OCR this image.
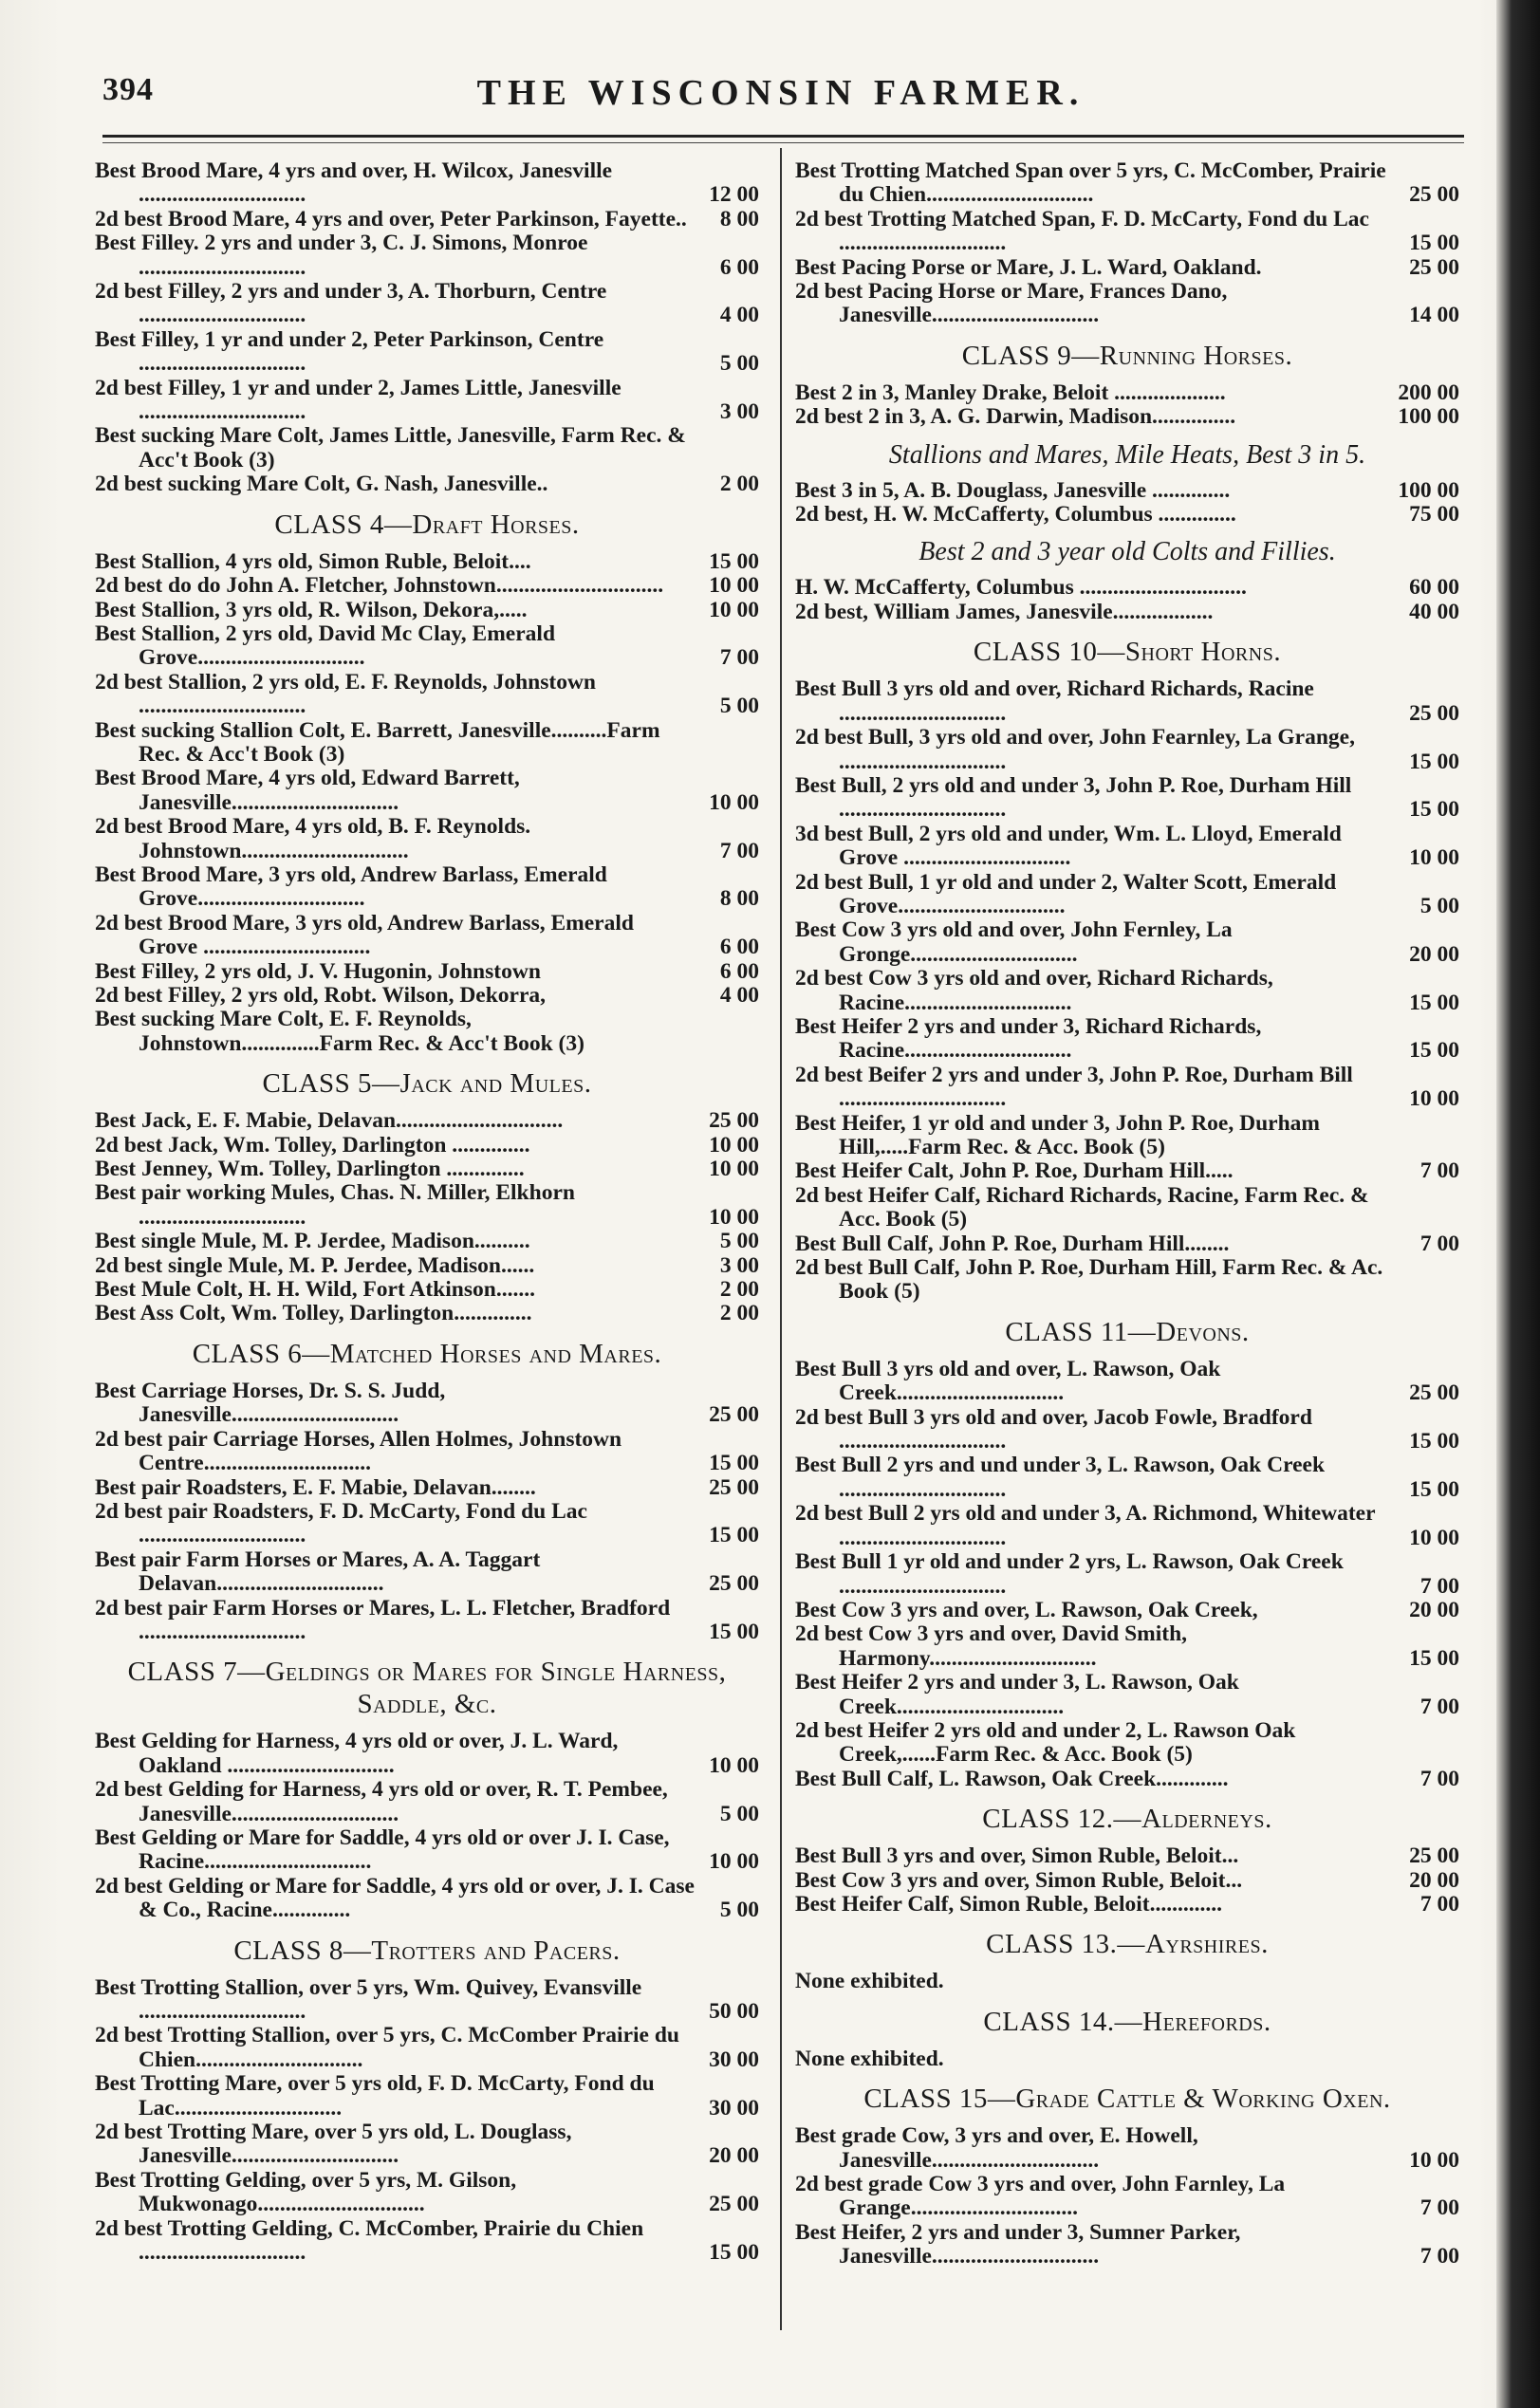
394	THE WISCONSIN FARMER.
Best Brood Mare, 4 yrs and over, H. Wilcox, Janesville ..............................	12 00
2d best Brood Mare, 4 yrs and over, Peter Parkinson, Fayette..	8 00
Best Filley. 2 yrs and under 3, C. J. Simons, Monroe ..............................	6 00
2d best Filley, 2 yrs and under 3, A. Thorburn, Centre ..............................	4 00
Best Filley, 1 yr and under 2, Peter Parkinson, Centre ..............................	5 00
2d best Filley, 1 yr and under 2, James Little, Janesville ..............................	3 00
Best sucking Mare Colt, James Little, Janesville, Farm Rec. & Acc't Book (3)
2d best sucking Mare Colt, G. Nash, Janesville..	2 00
CLASS 4—Draft Horses.
Best Stallion, 4 yrs old, Simon Ruble, Beloit....	15 00
2d best do do John A. Fletcher, Johnstown..............................	10 00
Best Stallion, 3 yrs old, R. Wilson, Dekora,.....	10 00
Best Stallion, 2 yrs old, David Mc Clay, Emerald Grove..............................	7 00
2d best Stallion, 2 yrs old, E. F. Reynolds, Johnstown ..............................	5 00
Best sucking Stallion Colt, E. Barrett, Janesville..........Farm Rec. & Acc't Book (3)
Best Brood Mare, 4 yrs old, Edward Barrett, Janesville..............................	10 00
2d best Brood Mare, 4 yrs old, B. F. Reynolds. Johnstown..............................	7 00
Best Brood Mare, 3 yrs old, Andrew Barlass, Emerald Grove..............................	8 00
2d best Brood Mare, 3 yrs old, Andrew Barlass, Emerald Grove ..............................	6 00
Best Filley, 2 yrs old, J. V. Hugonin, Johnstown	6 00
2d best Filley, 2 yrs old, Robt. Wilson, Dekorra,	4 00
Best sucking Mare Colt, E. F. Reynolds, Johnstown..............Farm Rec. & Acc't Book (3)
CLASS 5—Jack and Mules.
Best Jack, E. F. Mabie, Delavan..............................	25 00
2d best Jack, Wm. Tolley, Darlington ..............	10 00
Best Jenney, Wm. Tolley, Darlington ..............	10 00
Best pair working Mules, Chas. N. Miller, Elkhorn ..............................	10 00
Best single Mule, M. P. Jerdee, Madison..........	5 00
2d best single Mule, M. P. Jerdee, Madison......	3 00
Best Mule Colt, H. H. Wild, Fort Atkinson.......	2 00
Best Ass Colt, Wm. Tolley, Darlington..............	2 00
CLASS 6—Matched Horses and Mares.
Best Carriage Horses, Dr. S. S. Judd, Janesville..............................	25 00
2d best pair Carriage Horses, Allen Holmes, Johnstown Centre..............................	15 00
Best pair Roadsters, E. F. Mabie, Delavan........	25 00
2d best pair Roadsters, F. D. McCarty, Fond du Lac ..............................	15 00
Best pair Farm Horses or Mares, A. A. Taggart Delavan..............................	25 00
2d best pair Farm Horses or Mares, L. L. Fletcher, Bradford ..............................	15 00
CLASS 7—Geldings or Mares for Single Harness, Saddle, &c.
Best Gelding for Harness, 4 yrs old or over, J. L. Ward, Oakland ..............................	10 00
2d best Gelding for Harness, 4 yrs old or over, R. T. Pembee, Janesville..............................	5 00
Best Gelding or Mare for Saddle, 4 yrs old or over J. I. Case, Racine..............................	10 00
2d best Gelding or Mare for Saddle, 4 yrs old or over, J. I. Case & Co., Racine..............	5 00
CLASS 8—Trotters and Pacers.
Best Trotting Stallion, over 5 yrs, Wm. Quivey, Evansville ..............................	50 00
2d best Trotting Stallion, over 5 yrs, C. McComber Prairie du Chien..............................	30 00
Best Trotting Mare, over 5 yrs old, F. D. McCarty, Fond du Lac..............................	30 00
2d best Trotting Mare, over 5 yrs old, L. Douglass, Janesville..............................	20 00
Best Trotting Gelding, over 5 yrs, M. Gilson, Mukwonago..............................	25 00
2d best Trotting Gelding, C. McComber, Prairie du Chien ..............................	15 00
Best Trotting Matched Span over 5 yrs, C. McComber, Prairie du Chien..............................	25 00
2d best Trotting Matched Span, F. D. McCarty, Fond du Lac ..............................	15 00
Best Pacing Porse or Mare, J. L. Ward, Oakland.	25 00
2d best Pacing Horse or Mare, Frances Dano, Janesville..............................	14 00
CLASS 9—Running Horses.
Best 2 in 3, Manley Drake, Beloit ....................	200 00
2d best 2 in 3, A. G. Darwin, Madison...............	100 00
Stallions and Mares, Mile Heats, Best 3 in 5.
Best 3 in 5, A. B. Douglass, Janesville ..............	100 00
2d best, H. W. McCafferty, Columbus ..............	75 00
Best 2 and 3 year old Colts and Fillies.
H. W. McCafferty, Columbus ..............................	60 00
2d best, William James, Janesvile..................	40 00
CLASS 10—Short Horns.
Best Bull 3 yrs old and over, Richard Richards, Racine ..............................	25 00
2d best Bull, 3 yrs old and over, John Fearnley, La Grange, ..............................	15 00
Best Bull, 2 yrs old and under 3, John P. Roe, Durham Hill ..............................	15 00
3d best Bull, 2 yrs old and under, Wm. L. Lloyd, Emerald Grove ..............................	10 00
2d best Bull, 1 yr old and under 2, Walter Scott, Emerald Grove..............................	5 00
Best Cow 3 yrs old and over, John Fernley, La Gronge..............................	20 00
2d best Cow 3 yrs old and over, Richard Richards, Racine..............................	15 00
Best Heifer 2 yrs and under 3, Richard Richards, Racine..............................	15 00
2d best Beifer 2 yrs and under 3, John P. Roe, Durham Bill ..............................	10 00
Best Heifer, 1 yr old and under 3, John P. Roe, Durham Hill,.....Farm Rec. & Acc. Book (5)
Best Heifer Calt, John P. Roe, Durham Hill.....	7 00
2d best Heifer Calf, Richard Richards, Racine, Farm Rec. & Acc. Book (5)
Best Bull Calf, John P. Roe, Durham Hill........	7 00
2d best Bull Calf, John P. Roe, Durham Hill, Farm Rec. & Ac. Book (5)
CLASS 11—Devons.
Best Bull 3 yrs old and over, L. Rawson, Oak Creek..............................	25 00
2d best Bull 3 yrs old and over, Jacob Fowle, Bradford ..............................	15 00
Best Bull 2 yrs and und under 3, L. Rawson, Oak Creek ..............................	15 00
2d best Bull 2 yrs old and under 3, A. Richmond, Whitewater ..............................	10 00
Best Bull 1 yr old and under 2 yrs, L. Rawson, Oak Creek ..............................	7 00
Best Cow 3 yrs and over, L. Rawson, Oak Creek,	20 00
2d best Cow 3 yrs and over, David Smith, Harmony..............................	15 00
Best Heifer 2 yrs and under 3, L. Rawson, Oak Creek..............................	7 00
2d best Heifer 2 yrs old and under 2, L. Rawson Oak Creek,......Farm Rec. & Acc. Book (5)
Best Bull Calf, L. Rawson, Oak Creek.............	7 00
CLASS 12.—Alderneys.
Best Bull 3 yrs and over, Simon Ruble, Beloit...	25 00
Best Cow 3 yrs and over, Simon Ruble, Beloit...	20 00
Best Heifer Calf, Simon Ruble, Beloit.............	7 00
CLASS 13.—Ayrshires.
None exhibited.
CLASS 14.—Herefords.
None exhibited.
CLASS 15—Grade Cattle & Working Oxen.
Best grade Cow, 3 yrs and over, E. Howell, Janesville..............................	10 00
2d best grade Cow 3 yrs and over, John Farnley, La Grange..............................	7 00
Best Heifer, 2 yrs and under 3, Sumner Parker, Janesville..............................	7 00
